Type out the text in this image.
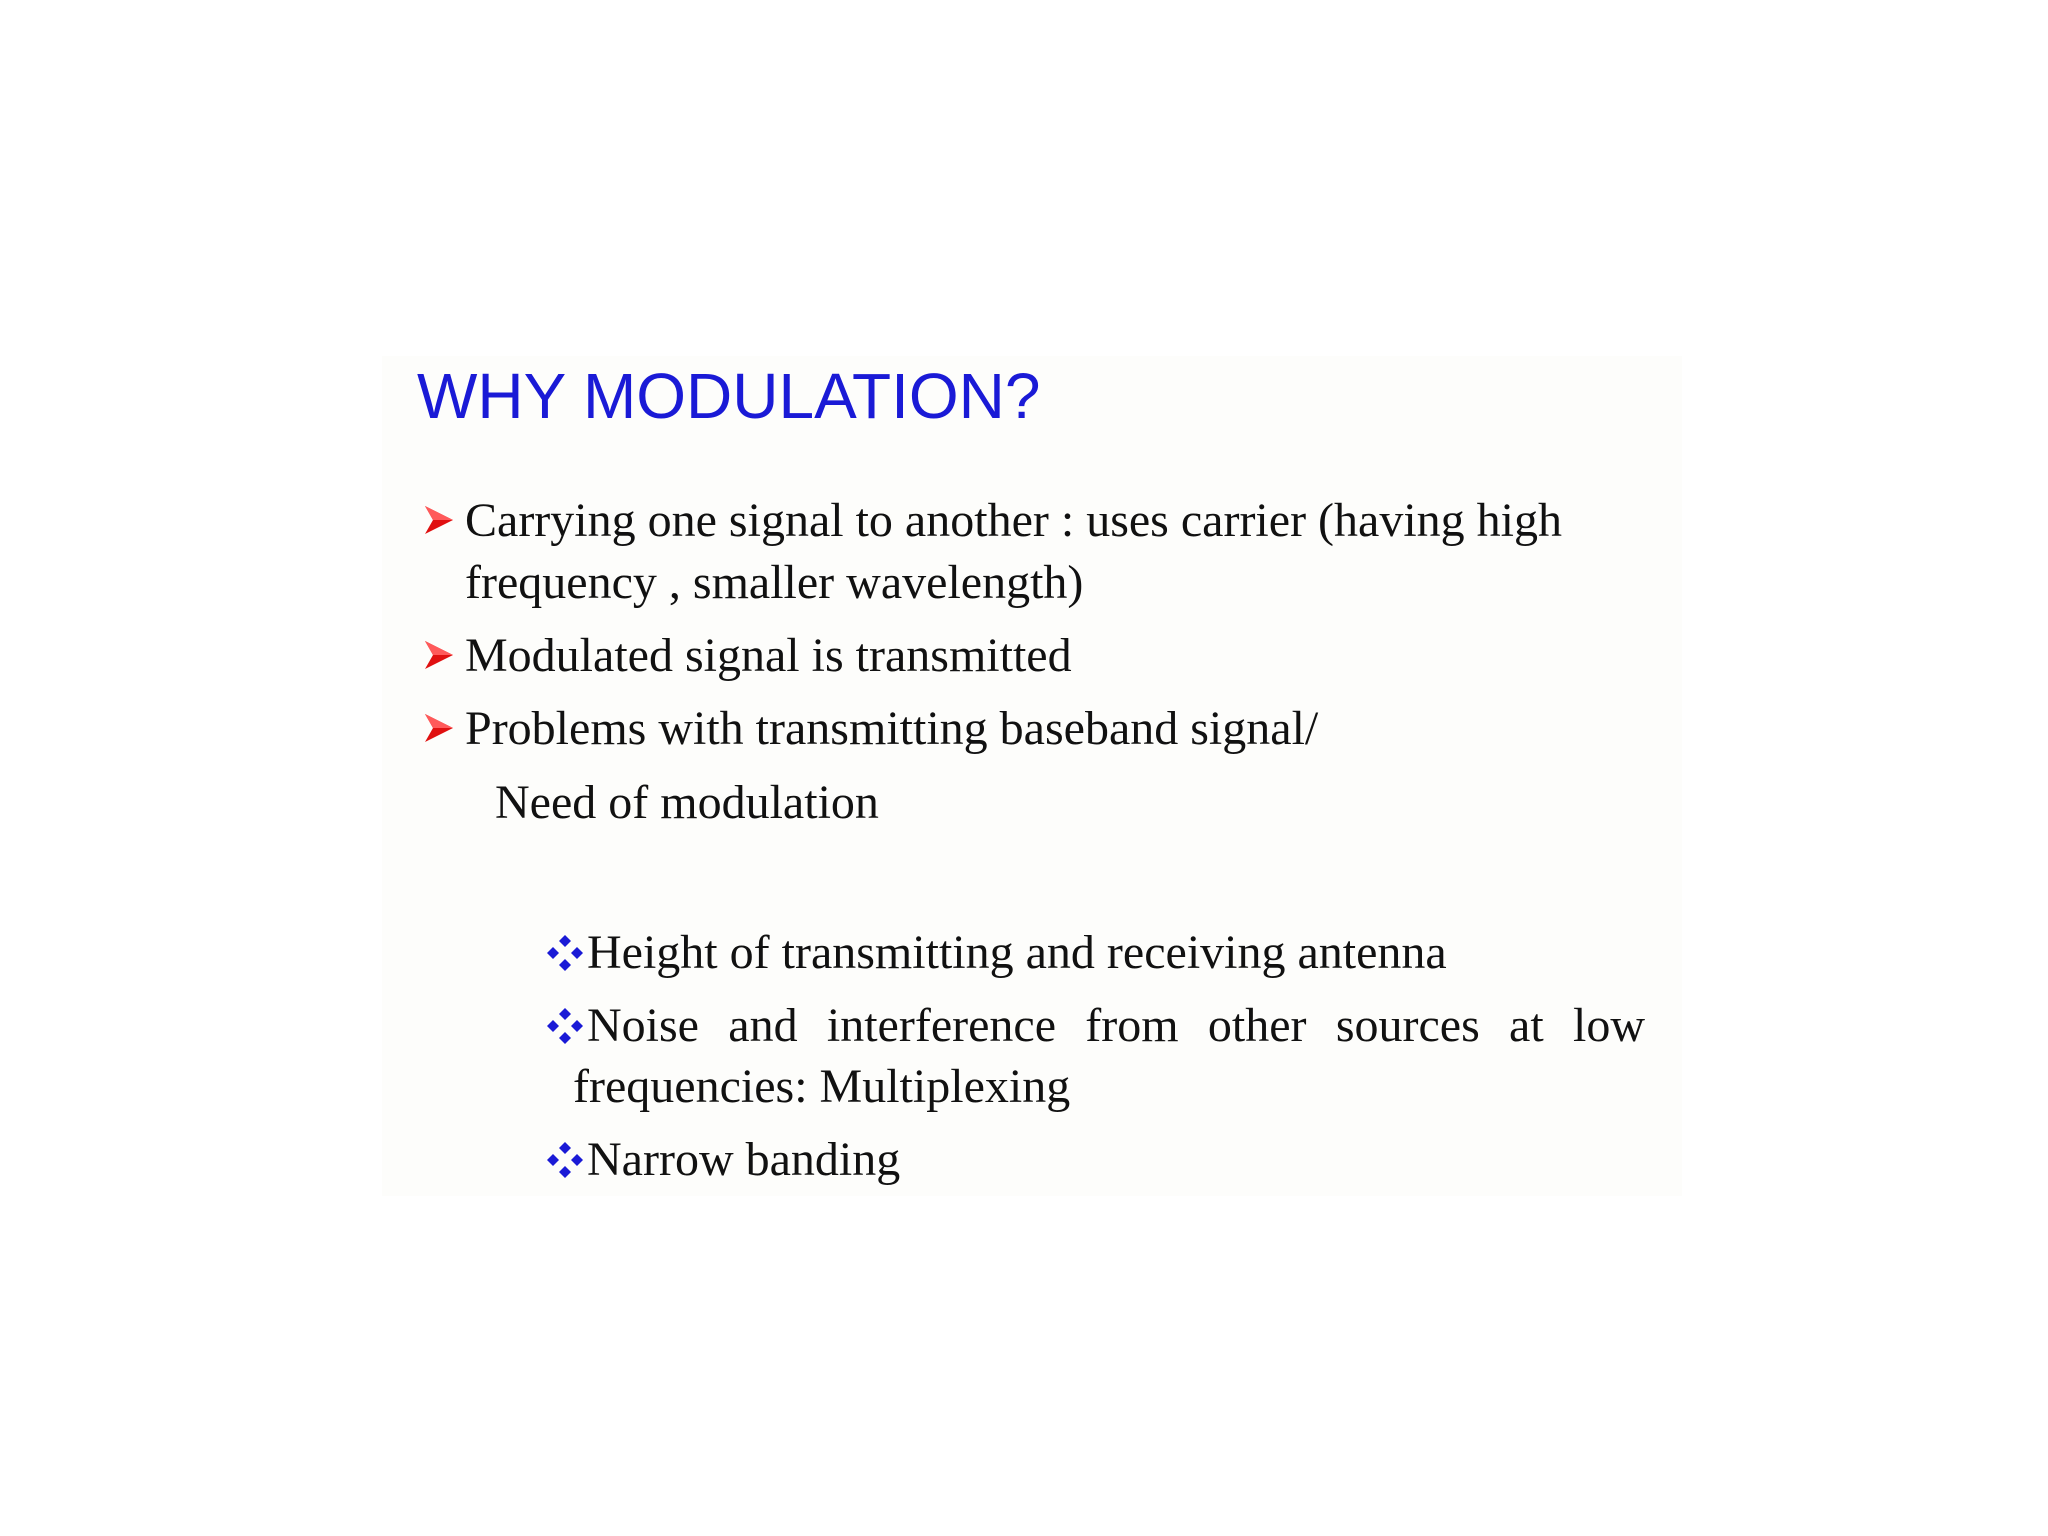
WHY MODULATION?
Carrying one signal to another : uses carrier (having high
frequency , smaller wavelength)
Modulated signal is transmitted
Problems with transmitting baseband signal/
Need of modulation
Height of transmitting and receiving antenna
Noise and interference from other sources at low
frequencies: Multiplexing
Narrow banding
